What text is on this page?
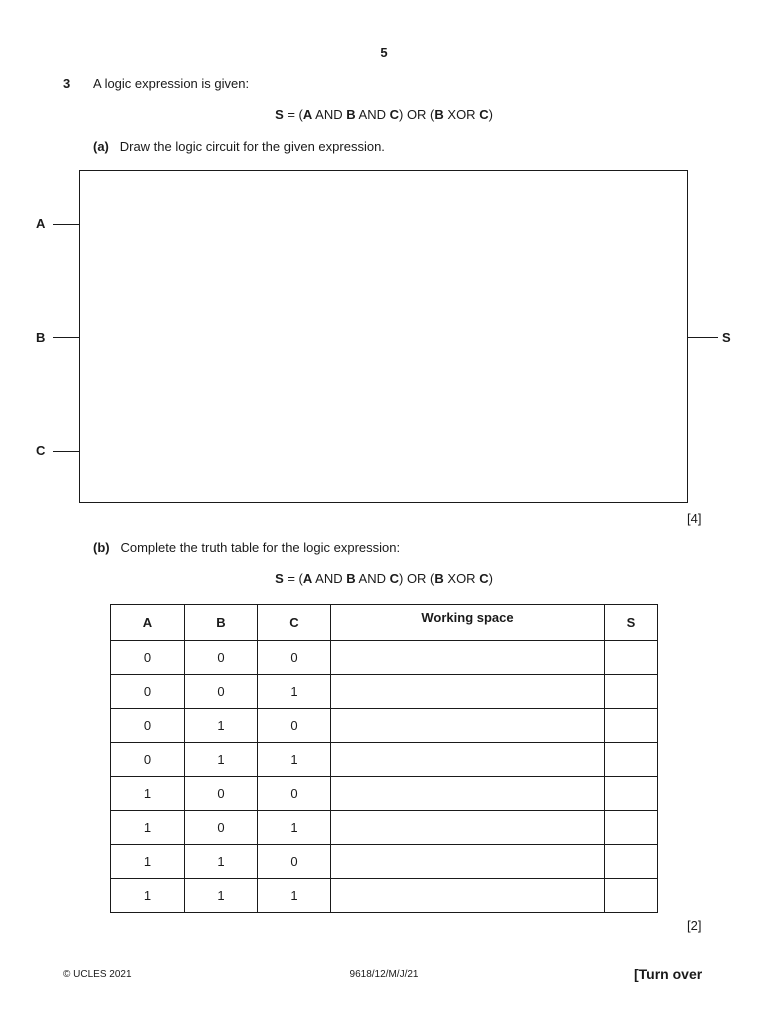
5
3 A logic expression is given:
S = (A AND B AND C) OR (B XOR C)
(a) Draw the logic circuit for the given expression.
A
B
C
S
[4]
(b) Complete the truth table for the logic expression:
S = (A AND B AND C) OR (B XOR C)
A	B	C	Working space	S
0	0	0		
0	0	1		
0	1	0		
0	1	1		
1	0	0		
1	0	1		
1	1	0		
1	1	1		
[2]
© UCLES 2021	9618/12/M/J/21	[Turn over
